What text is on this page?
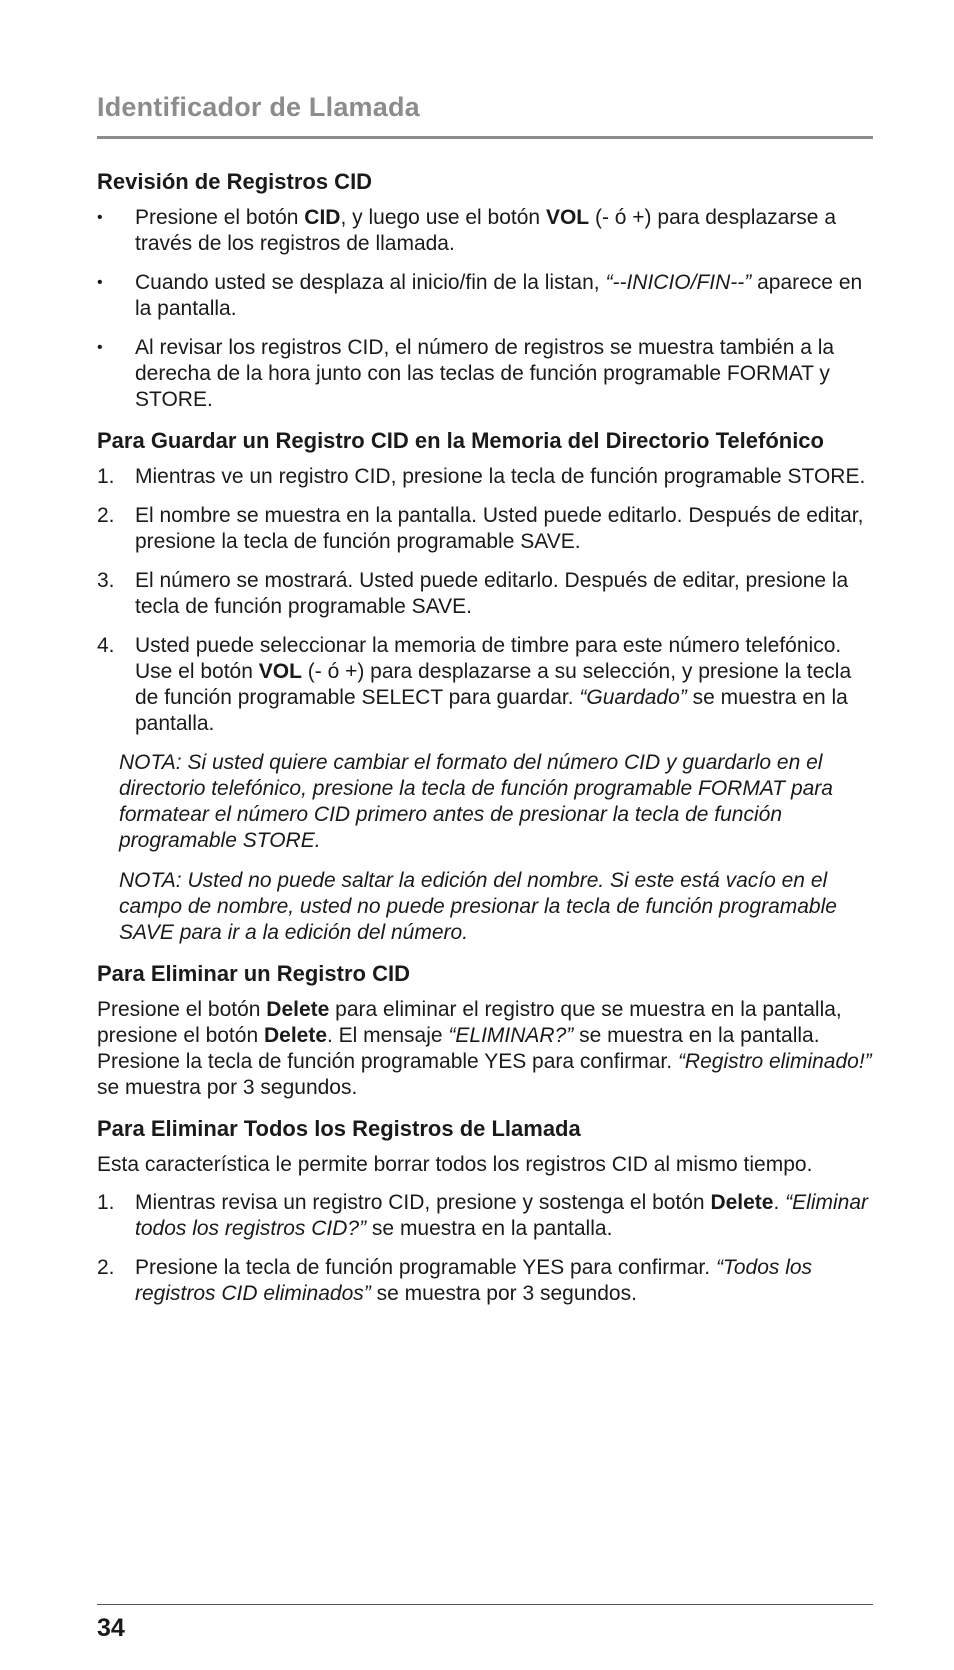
Identificador de Llamada
Revisión de Registros CID
• Presione el botón CID, y luego use el botón VOL (- ó +) para desplazarse a través de los registros de llamada.
• Cuando usted se desplaza al inicio/fin de la listan, “--INICIO/FIN--” aparece en la pantalla.
• Al revisar los registros CID, el número de registros se muestra también a la derecha de la hora junto con las teclas de función programable FORMAT y STORE.
Para Guardar un Registro CID en la Memoria del Directorio Telefónico
1. Mientras ve un registro CID, presione la tecla de función programable STORE.
2. El nombre se muestra en la pantalla. Usted puede editarlo. Después de editar, presione la tecla de función programable SAVE.
3. El número se mostrará. Usted puede editarlo. Después de editar, presione la tecla de función programable SAVE.
4. Usted puede seleccionar la memoria de timbre para este número telefónico. Use el botón VOL (- ó +) para desplazarse a su selección, y presione la tecla de función programable SELECT para guardar. “Guardado” se muestra en la pantalla.

NOTA: Si usted quiere cambiar el formato del número CID y guardarlo en el directorio telefónico, presione la tecla de función programable FORMAT para formatear el número CID primero antes de presionar la tecla de función programable STORE.

NOTA: Usted no puede saltar la edición del nombre. Si este está vacío en el campo de nombre, usted no puede presionar la tecla de función programable SAVE para ir a la edición del número.

Para Eliminar un Registro CID

Presione el botón Delete para eliminar el registro que se muestra en la pantalla, presione el botón Delete. El mensaje “ELIMINAR?” se muestra en la pantalla. Presione la tecla de función programable YES para confirmar. “Registro eliminado!” se muestra por 3 segundos.

Para Eliminar Todos los Registros de Llamada

Esta característica le permite borrar todos los registros CID al mismo tiempo.

1. Mientras revisa un registro CID, presione y sostenga el botón Delete. “Eliminar todos los registros CID?” se muestra en la pantalla.
2. Presione la tecla de función programable YES para confirmar. “Todos los registros CID eliminados” se muestra por 3 segundos.
34
